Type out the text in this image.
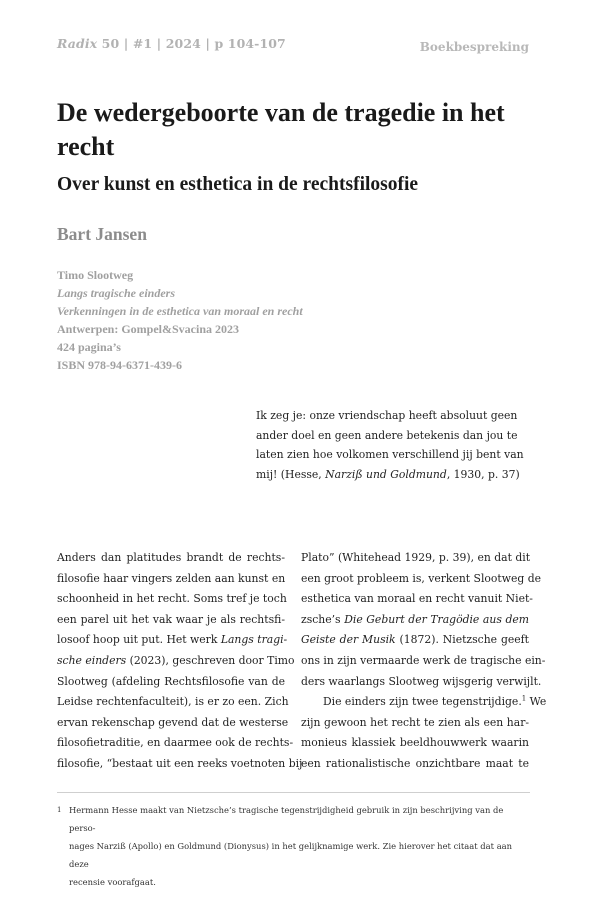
Radix 50 | #1 | 2024 | p 104-107	Boekbespreking
De wedergeboorte van de tragedie in het recht
Over kunst en esthetica in de rechtsfilosofie
Bart Jansen
Timo Slootweg
Langs tragische einders
Verkenningen in de esthetica van moraal en recht
Antwerpen: Gompel&Svacina 2023
424 pagina’s
ISBN 978-94-6371-439-6
Ik zeg je: onze vriendschap heeft absoluut geen ander doel en geen andere betekenis dan jou te laten zien hoe volkomen verschillend jij bent van mij! (Hesse, Narziß und Goldmund, 1930, p. 37)
Anders dan platitudes brandt de rechts-
filosofie haar vingers zelden aan kunst en
schoonheid in het recht. Soms tref je toch
een parel uit het vak waar je als rechtsfi-
losoof hoop uit put. Het werk Langs tragi-
sche einders (2023), geschreven door Timo
Slootweg (afdeling Rechtsfilosofie van de
Leidse rechtenfaculteit), is er zo een. Zich
ervan rekenschap gevend dat de westerse
filosofietraditie, en daarmee ook de rechts-
filosofie, “bestaat uit een reeks voetnoten bij
Plato” (Whitehead 1929, p. 39), en dat dit
een groot probleem is, verkent Slootweg de
esthetica van moraal en recht vanuit Niet-
zsche’s Die Geburt der Tragödie aus dem
Geiste der Musik (1872). Nietzsche geeft
ons in zijn vermaarde werk de tragische ein-
ders waarlangs Slootweg wijsgerig verwijlt.
Die einders zijn twee tegenstrijdige.$^1$ We
zijn gewoon het recht te zien als een har-
monieus klassiek beeldhouwwerk waarin
een rationalistische onzichtbare maat te
1 Hermann Hesse maakt van Nietzsche’s tragische tegenstrijdigheid gebruik in zijn beschrijving van de perso-
nages Narziß (Apollo) en Goldmund (Dionysus) in het gelijknamige werk. Zie hierover het citaat dat aan deze
recensie voorafgaat.
